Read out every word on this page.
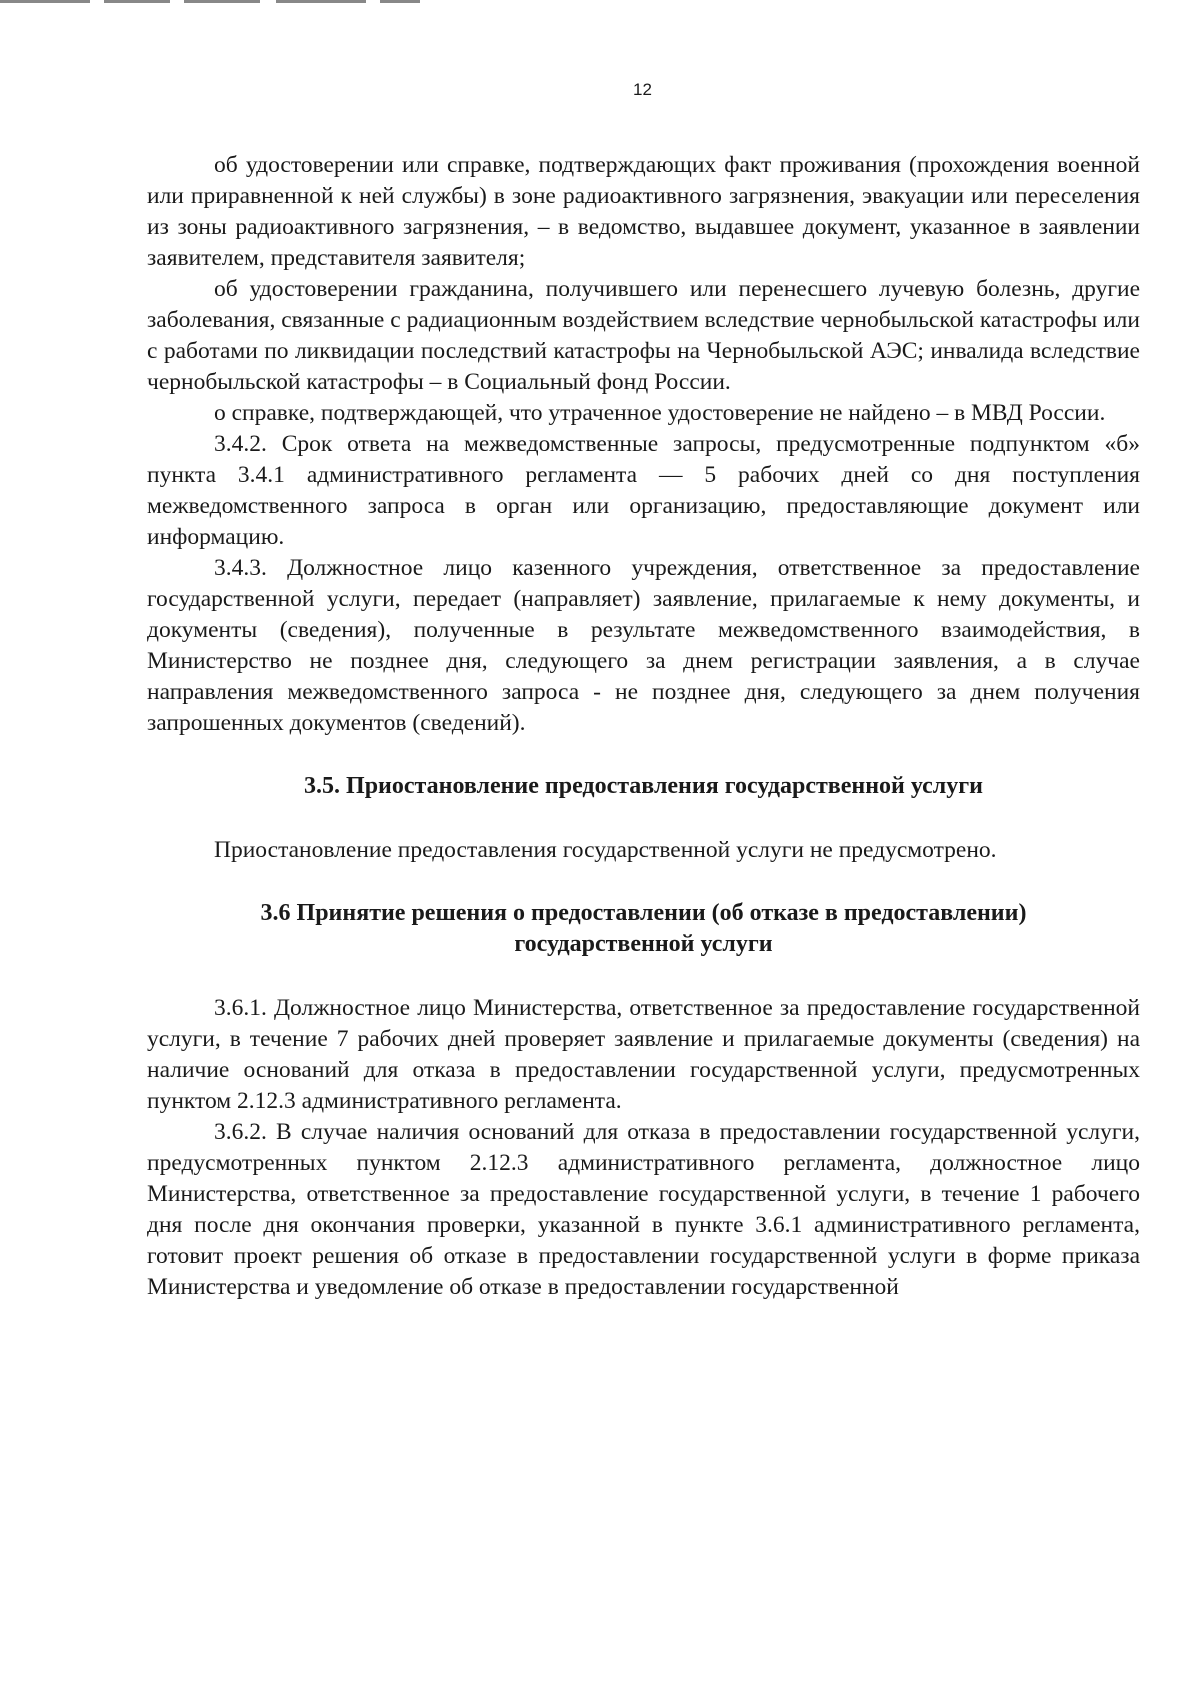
12

об удостоверении или справке, подтверждающих факт проживания (прохождения военной или приравненной к ней службы) в зоне радиоактивного загрязнения, эвакуации или переселения из зоны радиоактивного загрязнения, – в ведомство, выдавшее документ, указанное в заявлении заявителем, представителя заявителя;

об удостоверении гражданина, получившего или перенесшего лучевую болезнь, другие заболевания, связанные с радиационным воздействием вследствие чернобыльской катастрофы или с работами по ликвидации последствий катастрофы на Чернобыльской АЭС; инвалида вследствие чернобыльской катастрофы – в Социальный фонд России.

о справке, подтверждающей, что утраченное удостоверение не найдено – в МВД России.

3.4.2. Срок ответа на межведомственные запросы, предусмотренные подпунктом «б» пункта 3.4.1 административного регламента — 5 рабочих дней со дня поступления межведомственного запроса в орган или организацию, предоставляющие документ или информацию.

3.4.3. Должностное лицо казенного учреждения, ответственное за предоставление государственной услуги, передает (направляет) заявление, прилагаемые к нему документы, и документы (сведения), полученные в результате межведомственного взаимодействия, в Министерство не позднее дня, следующего за днем регистрации заявления, а в случае направления межведомственного запроса - не позднее дня, следующего за днем получения запрошенных документов (сведений).

3.5. Приостановление предоставления государственной услуги

Приостановление предоставления государственной услуги не предусмотрено.

3.6 Принятие решения о предоставлении (об отказе в предоставлении)
государственной услуги

3.6.1. Должностное лицо Министерства, ответственное за предоставление государственной услуги, в течение 7 рабочих дней проверяет заявление и прилагаемые документы (сведения) на наличие оснований для отказа в предоставлении государственной услуги, предусмотренных пунктом 2.12.3 административного регламента.

3.6.2. В случае наличия оснований для отказа в предоставлении государственной услуги, предусмотренных пунктом 2.12.3 административного регламента, должностное лицо Министерства, ответственное за предоставление государственной услуги, в течение 1 рабочего дня после дня окончания проверки, указанной в пункте 3.6.1 административного регламента, готовит проект решения об отказе в предоставлении государственной услуги в форме приказа Министерства и уведомление об отказе в предоставлении государственной
